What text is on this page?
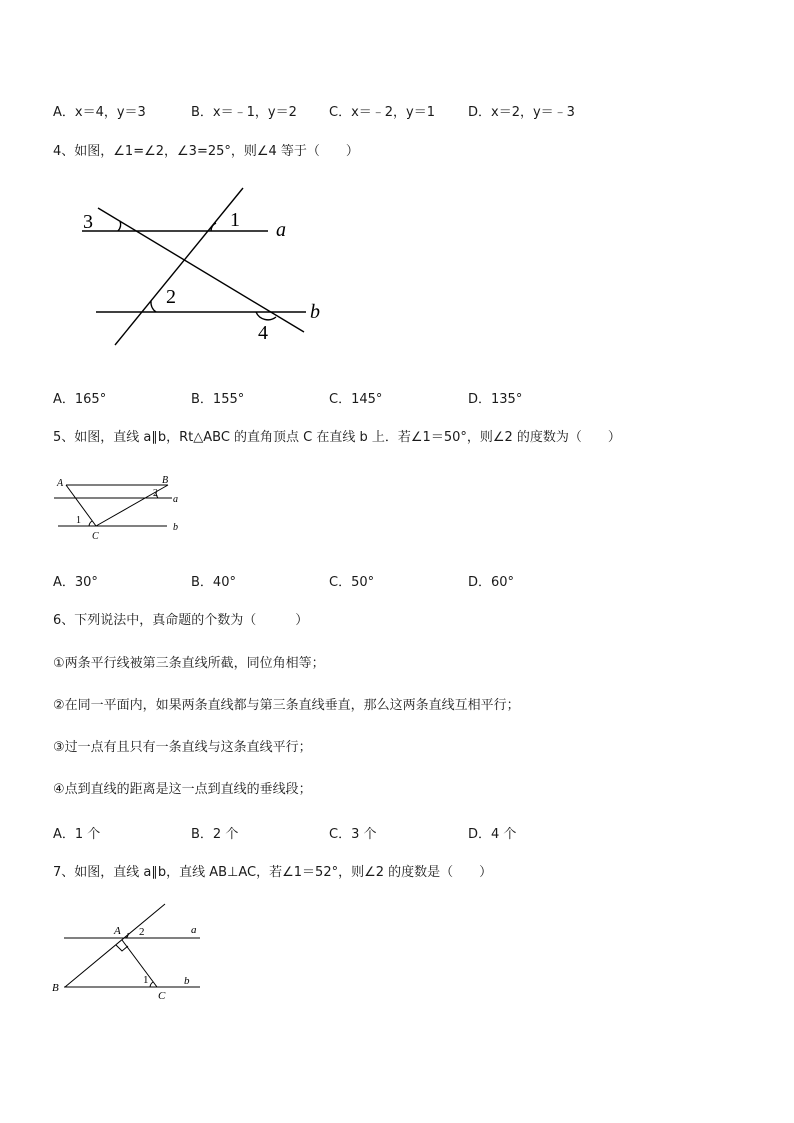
A．x＝4，y＝3	B．x＝﹣1，y＝2 C．x＝﹣2，y＝1	D．x＝2，y＝﹣3
4、如图，∠1=∠2，∠3=25°，则∠4 等于（　　）
3	1
2
4
a
b
A．165°	B．155°	C．145°	D．135°
5、如图，直线 a∥b，Rt△ABC 的直角顶点 C 在直线 b 上．若∠1＝50°，则∠2 的度数为（　　）
A	B
C
a
b
1
2
A．30°	B．40°	C．50°	D．60°
6、下列说法中，真命题的个数为（　　　）
①两条平行线被第三条直线所截，同位角相等；
②在同一平面内，如果两条直线都与第三条直线垂直，那么这两条直线互相平行；
③过一点有且只有一条直线与这条直线平行；
④点到直线的距离是这一点到直线的垂线段；
A．1 个	B．2 个	C．3 个	D．4 个
7、如图，直线 a∥b，直线 AB⊥AC，若∠1＝52°，则∠2 的度数是（　　）
A
B
C
a
b
2
1
